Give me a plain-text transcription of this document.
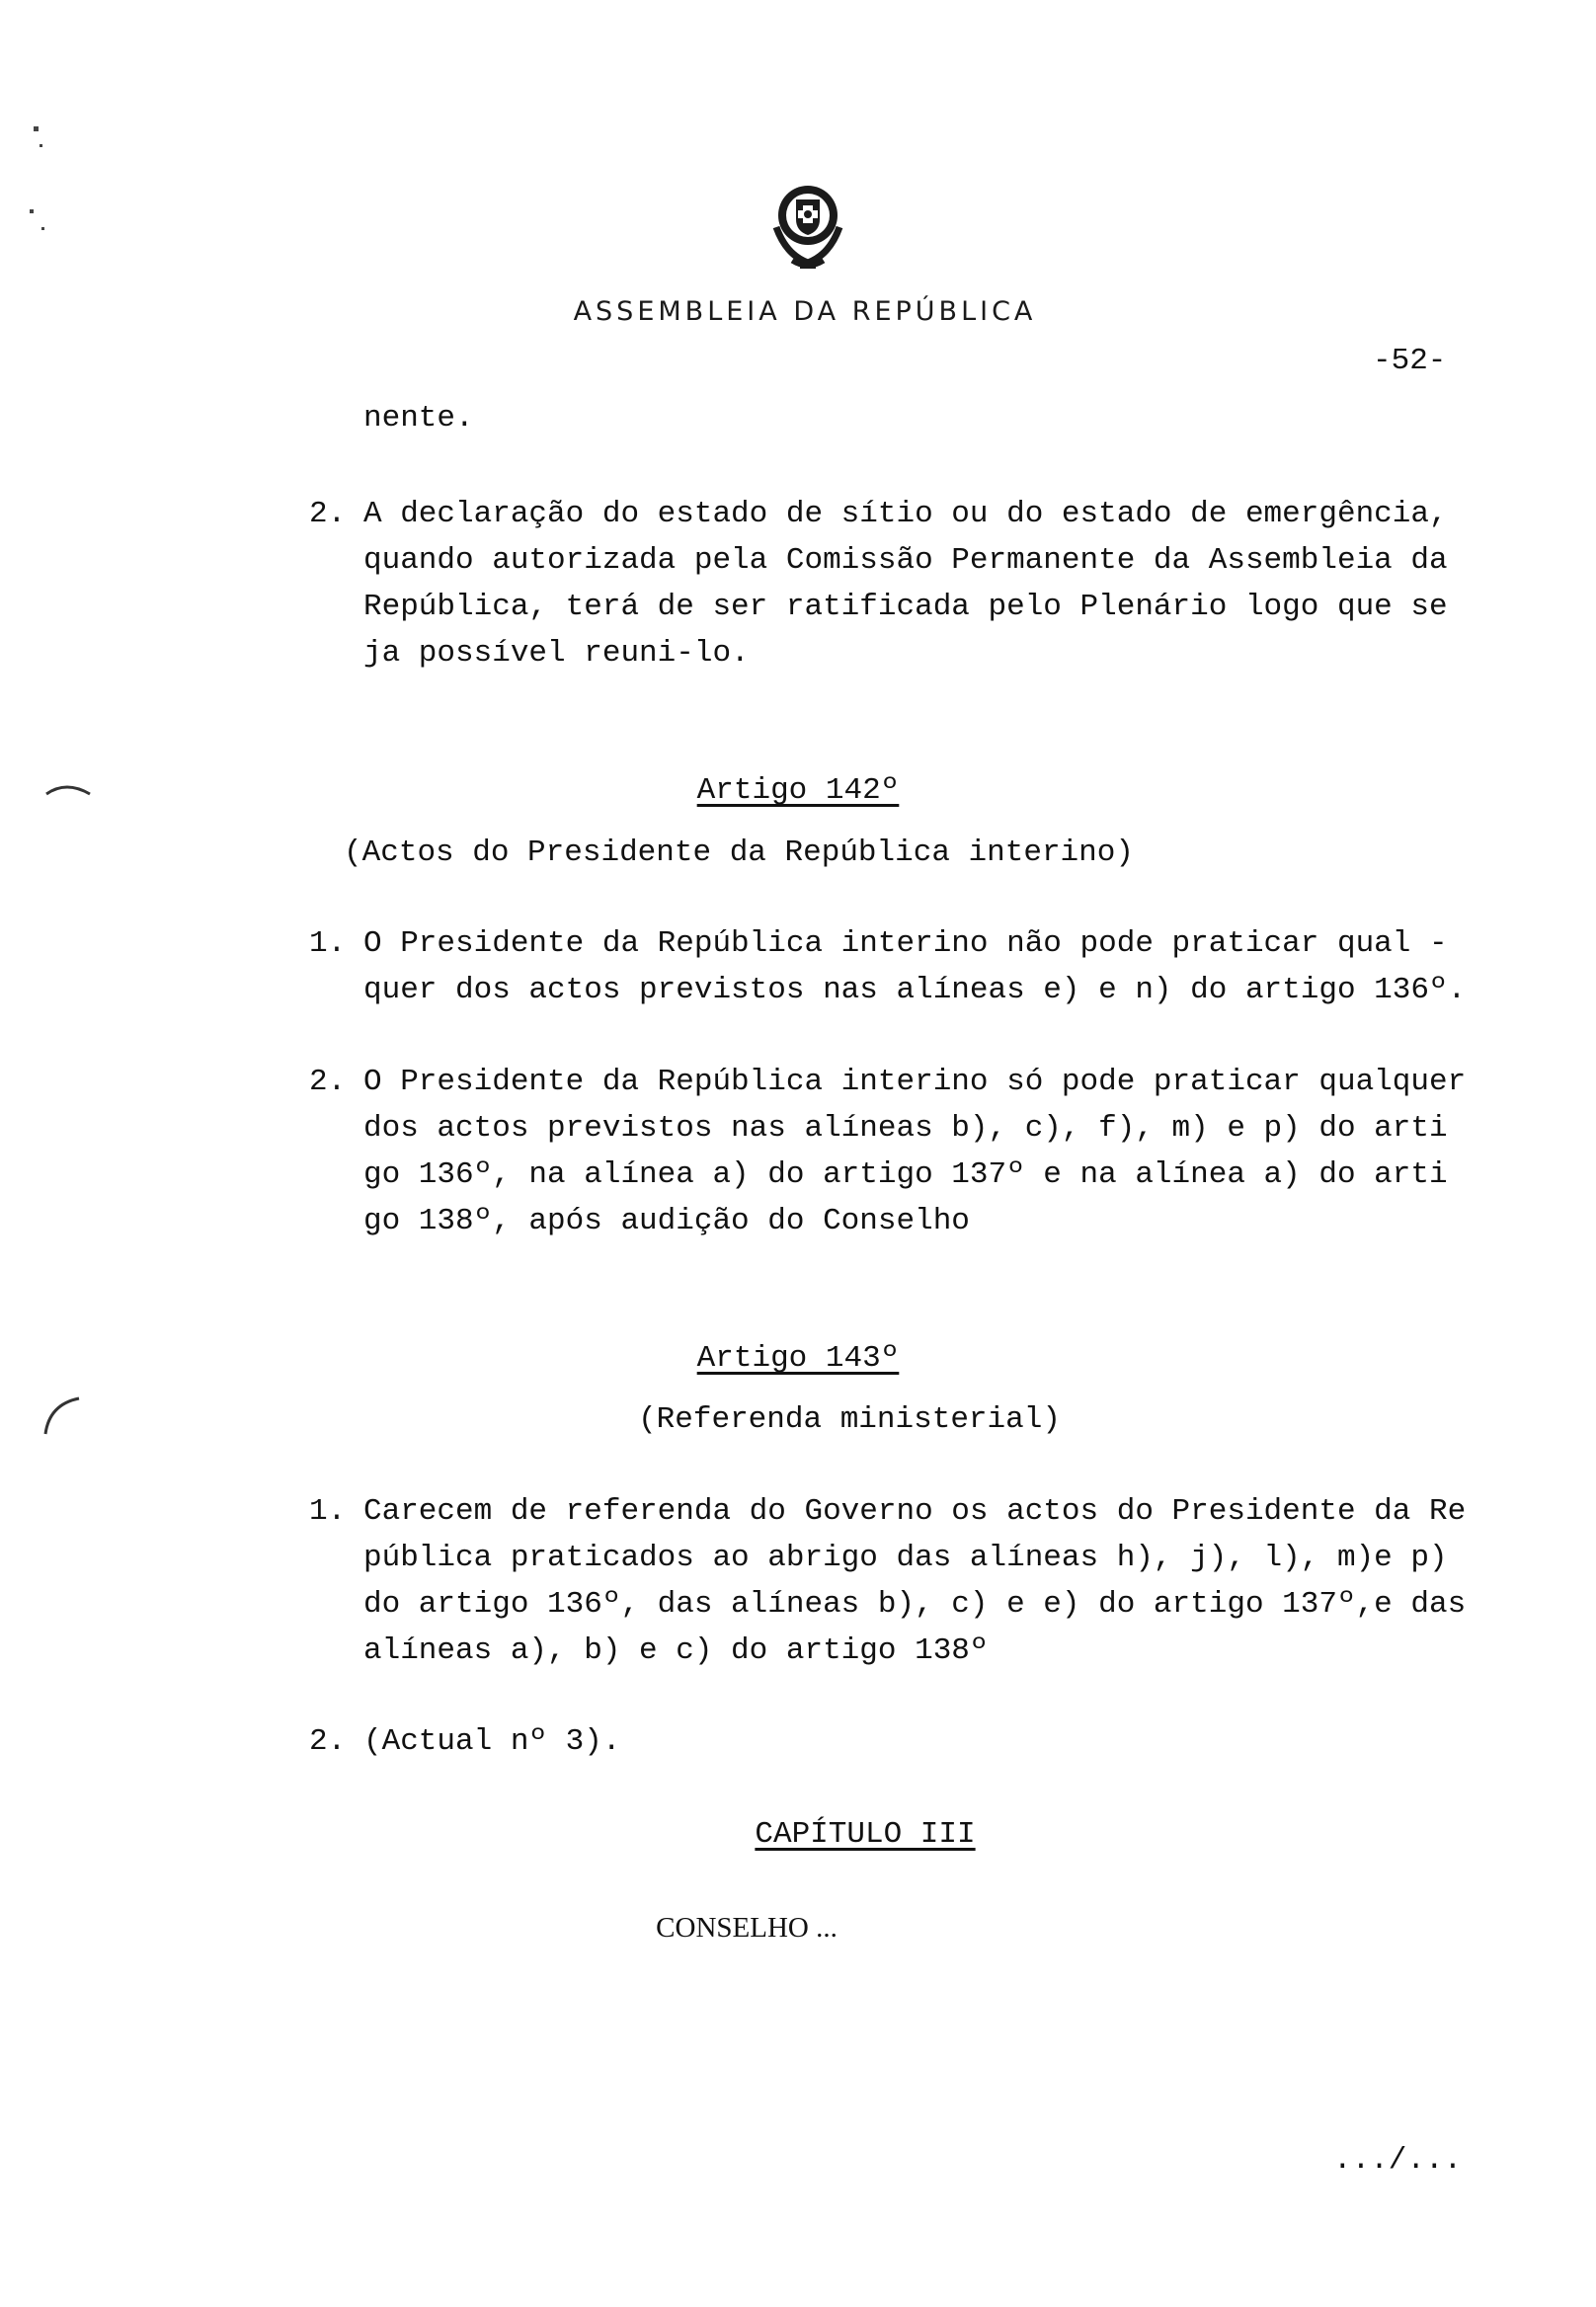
ASSEMBLEIA DA REPÚBLICA
-52-
nente.
2. A declaração do estado de sítio ou do estado de emergência,
quando autorizada pela Comissão Permanente da Assembleia da
República, terá de ser ratificada pelo Plenário logo que se
ja possível reuni-lo.
Artigo 142º
(Actos do Presidente da República interino)
1. O Presidente da República interino não pode praticar qual -
quer dos actos previstos nas alíneas e) e n) do artigo 136º.
2. O Presidente da República interino só pode praticar qualquer
dos actos previstos nas alíneas b), c), f), m) e p) do arti
go 136º, na alínea a) do artigo 137º e na alínea a) do arti
go 138º, após audição do Conselho
Artigo 143º
(Referenda ministerial)
1. Carecem de referenda do Governo os actos do Presidente da Re
pública praticados ao abrigo das alíneas h), j), l), m)e p)
do artigo 136º, das alíneas b), c) e e) do artigo 137º,e das
alíneas a), b) e c) do artigo 138º
2. (Actual nº 3).
CAPÍTULO III
CONSELHO ...
.../...
